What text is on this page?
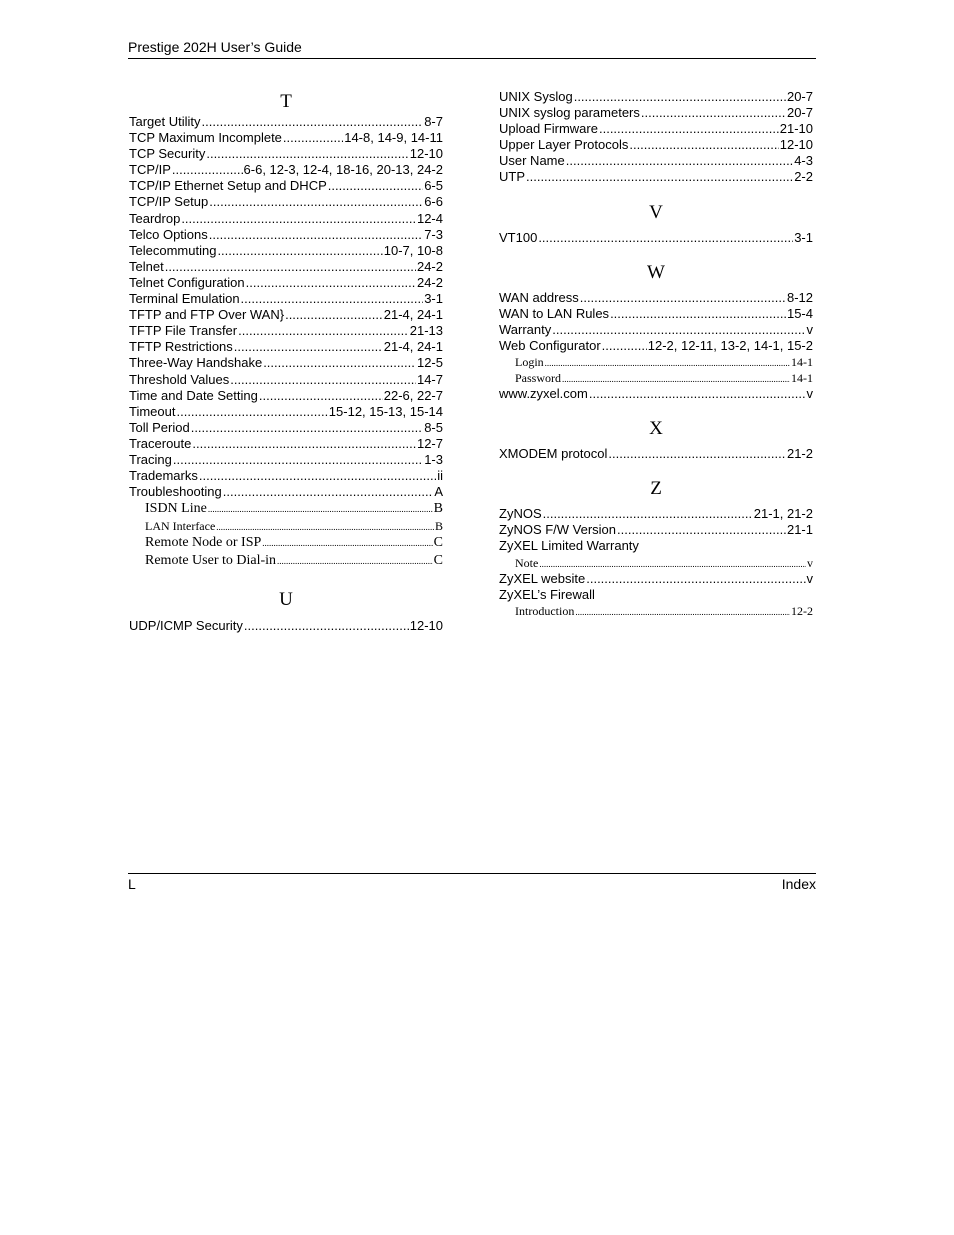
Prestige 202H User’s Guide
T
Target Utility .....	8-7
TCP Maximum Incomplete .....	14-8, 14-9, 14-11
TCP Security .....	12-10
TCP/IP .....	6-6, 12-3, 12-4, 18-16, 20-13, 24-2
TCP/IP Ethernet Setup and DHCP .....	6-5
TCP/IP Setup .....	6-6
Teardrop .....	12-4
Telco Options .....	7-3
Telecommuting .....	10-7, 10-8
Telnet .....	24-2
Telnet Configuration .....	24-2
Terminal Emulation .....	3-1
TFTP and FTP Over WAN} .....	21-4, 24-1
TFTP File Transfer .....	21-13
TFTP Restrictions .....	21-4, 24-1
Three-Way Handshake .....	12-5
Threshold Values .....	14-7
Time and Date Setting .....	22-6, 22-7
Timeout .....	15-12, 15-13, 15-14
Toll Period .....	8-5
Traceroute .....	12-7
Tracing .....	1-3
Trademarks .....	ii
Troubleshooting .....	A
ISDN Line .....	B
LAN Interface .....	B
Remote Node or ISP .....	C
Remote User to Dial-in .....	C
U
UDP/ICMP Security .....	12-10
UNIX Syslog .....	20-7
UNIX syslog parameters .....	20-7
Upload Firmware .....	21-10
Upper Layer Protocols .....	12-10
User Name .....	4-3
UTP .....	2-2
V
VT100 .....	3-1
W
WAN address .....	8-12
WAN to LAN Rules .....	15-4
Warranty .....	v
Web Configurator .....	12-2, 12-11, 13-2, 14-1, 15-2
Login .....	14-1
Password .....	14-1
www.zyxel.com .....	v
X
XMODEM protocol .....	21-2
Z
ZyNOS .....	21-1, 21-2
ZyNOS F/W Version .....	21-1
ZyXEL Limited Warranty
Note .....	v
ZyXEL website .....	v
ZyXEL’s Firewall
Introduction .....	12-2
L	Index
